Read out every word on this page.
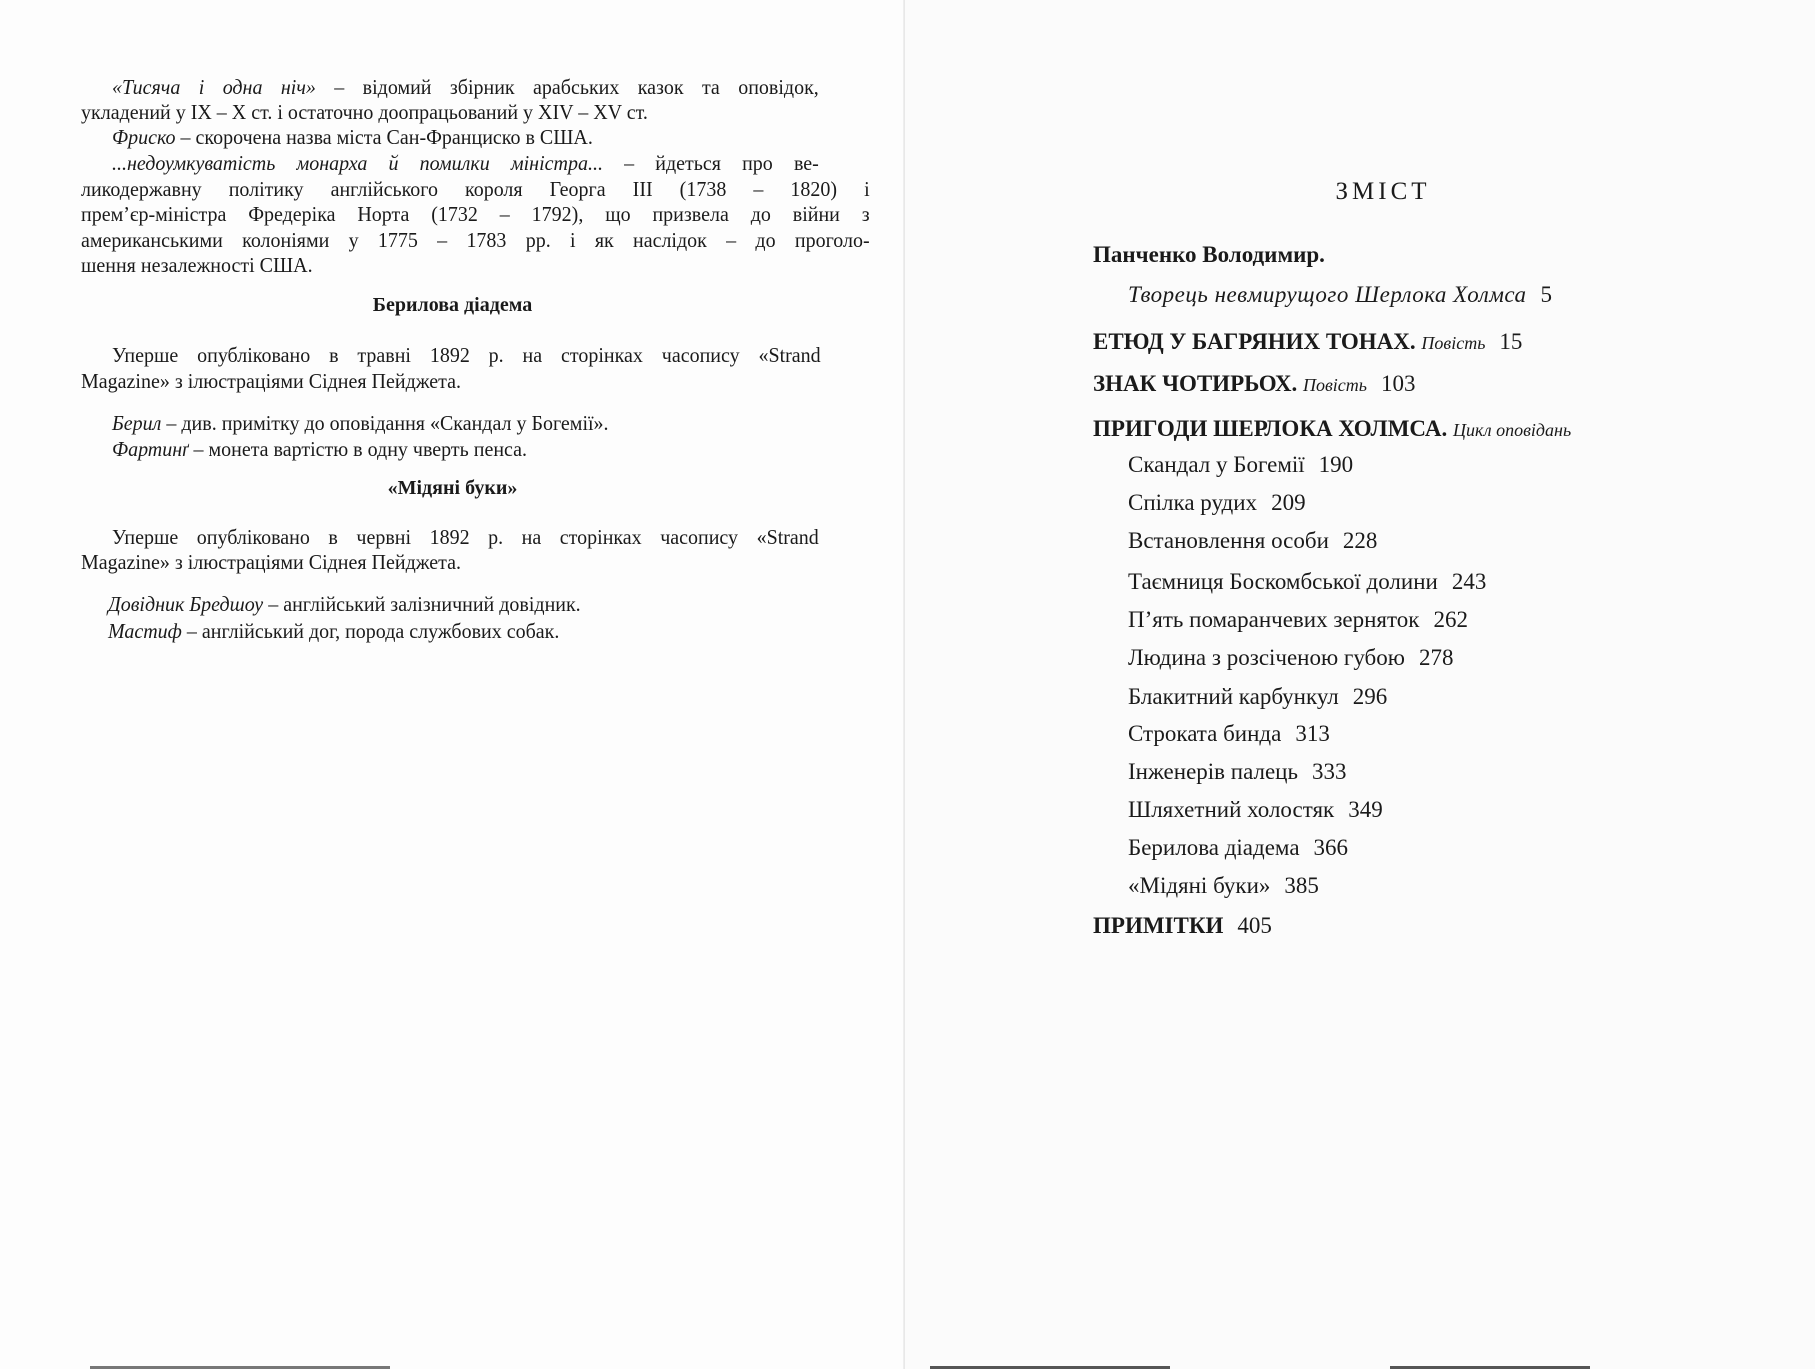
«Тисяча і одна ніч» – відомий збірник арабських казок та оповідок,
укладений у IX – X ст. і остаточно доопрацьований у XIV – XV ст.
Фриско – скорочена назва міста Сан-Франциско в США.
...недоумкуватість монарха й помилки міністра... – йдеться про ве-
ликодержавну політику англійського короля Георга III (1738 – 1820) і
прем’єр-міністра Фредеріка Норта (1732 – 1792), що призвела до війни з
американськими колоніями у 1775 – 1783 рр. і як наслідок – до проголо-
шення незалежності США.
Берилова діадема
Уперше опубліковано в травні 1892 р. на сторінках часопису «Strand
Magazine» з ілюстраціями Сіднея Пейджета.
Берил – див. примітку до оповідання «Скандал у Богемії».
Фартинґ – монета вартістю в одну чверть пенса.
«Мідяні буки»
Уперше опубліковано в червні 1892 р. на сторінках часопису «Strand
Magazine» з ілюстраціями Сіднея Пейджета.
Довідник Бредшоу – англійський залізничний довідник.
Мастиф – англійський дог, порода службових собак.
ЗМІСТ
Панченко Володимир.
Творець невмирущого Шерлока Холмса 5
ЕТЮД У БАГРЯНИХ ТОНАХ. Повість 15
ЗНАК ЧОТИРЬОХ. Повість 103
ПРИГОДИ ШЕРЛОКА ХОЛМСА. Цикл оповідань
Скандал у Богемії 190
Спілка рудих 209
Встановлення особи 228
Таємниця Боскомбської долини 243
П’ять помаранчевих зерняток 262
Людина з розсіченою губою 278
Блакитний карбункул 296
Строката бинда 313
Інженерів палець 333
Шляхетний холостяк 349
Берилова діадема 366
«Мідяні буки» 385
ПРИМІТКИ 405
